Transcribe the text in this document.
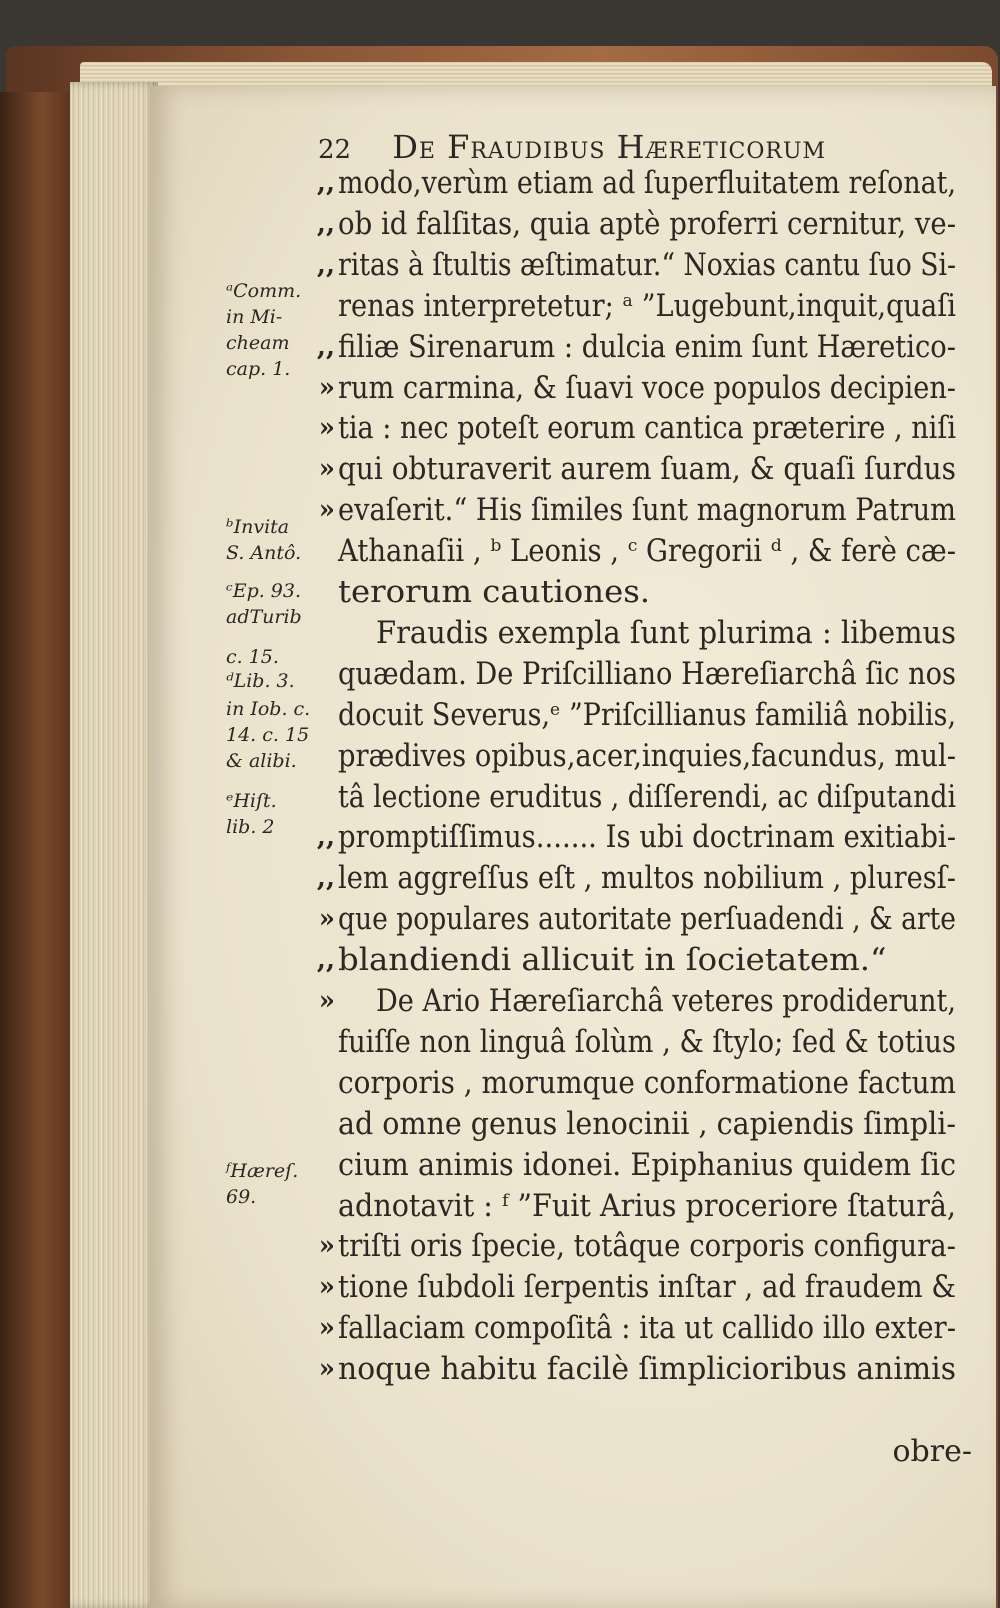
22 De Fraudibus Hæreticorum
,, modo,verùm etiam ad ſuperfluitatem reſonat,
,, ob id falſitas, quia aptè proferri cernitur, ve-
,, ritas à ſtultis æſtimatur.“ Noxias cantu ſuo Si-
renas interpretetur; ᵃ ”Lugebunt,inquit,quaſi
,, filiæ Sirenarum : dulcia enim ſunt Hæretico-
» rum carmina, & ſuavi voce populos decipien-
» tia : nec poteſt eorum cantica præterire , niſi
» qui obturaverit aurem ſuam, & quaſi ſurdus
» evaſerit.“ His ſimiles ſunt magnorum Patrum
Athanaſii , ᵇ Leonis , ᶜ Gregorii ᵈ , & ferè cæ-
terorum cautiones.
Fraudis exempla ſunt plurima : libemus
quædam. De Priſcilliano Hæreſiarchâ ſic nos
docuit Severus,ᵉ ”Priſcillianus familiâ nobilis,
prædives opibus,acer,inquies,facundus, mul-
tâ lectione eruditus , diſſerendi, ac diſputandi
,, promptiſſimus....... Is ubi doctrinam exitiabi-
,, lem aggreſſus eſt , multos nobilium , pluresſ-
» que populares autoritate perſuadendi , & arte
,, blandiendi allicuit in ſocietatem.“
»	De Ario Hæreſiarchâ veteres prodiderunt,
fuiſſe non linguâ ſolùm , & ſtylo; ſed & totius
corporis , morumque conformatione factum
ad omne genus lenocinii , capiendis ſimpli-
cium animis idonei. Epiphanius quidem ſic
adnotavit : ᶠ ”Fuit Arius proceriore ſtaturâ,
» triſti oris ſpecie, totâque corporis configura-
» tione ſubdoli ſerpentis inſtar , ad fraudem &
» fallaciam compoſitâ : ita ut callido illo exter-
» noque habitu facilè ſimplicioribus animis
ᵃComm.
in Mi-
cheam
cap. 1.
ᵇInvita
S. Antô.
ᶜEp. 93.
adTurib
c. 15.
ᵈLib. 3.
in Iob. c.
14. c. 15
& alibi.
ᵉHiſt.
lib. 2
ᶠHæreſ.
69.
obre-
